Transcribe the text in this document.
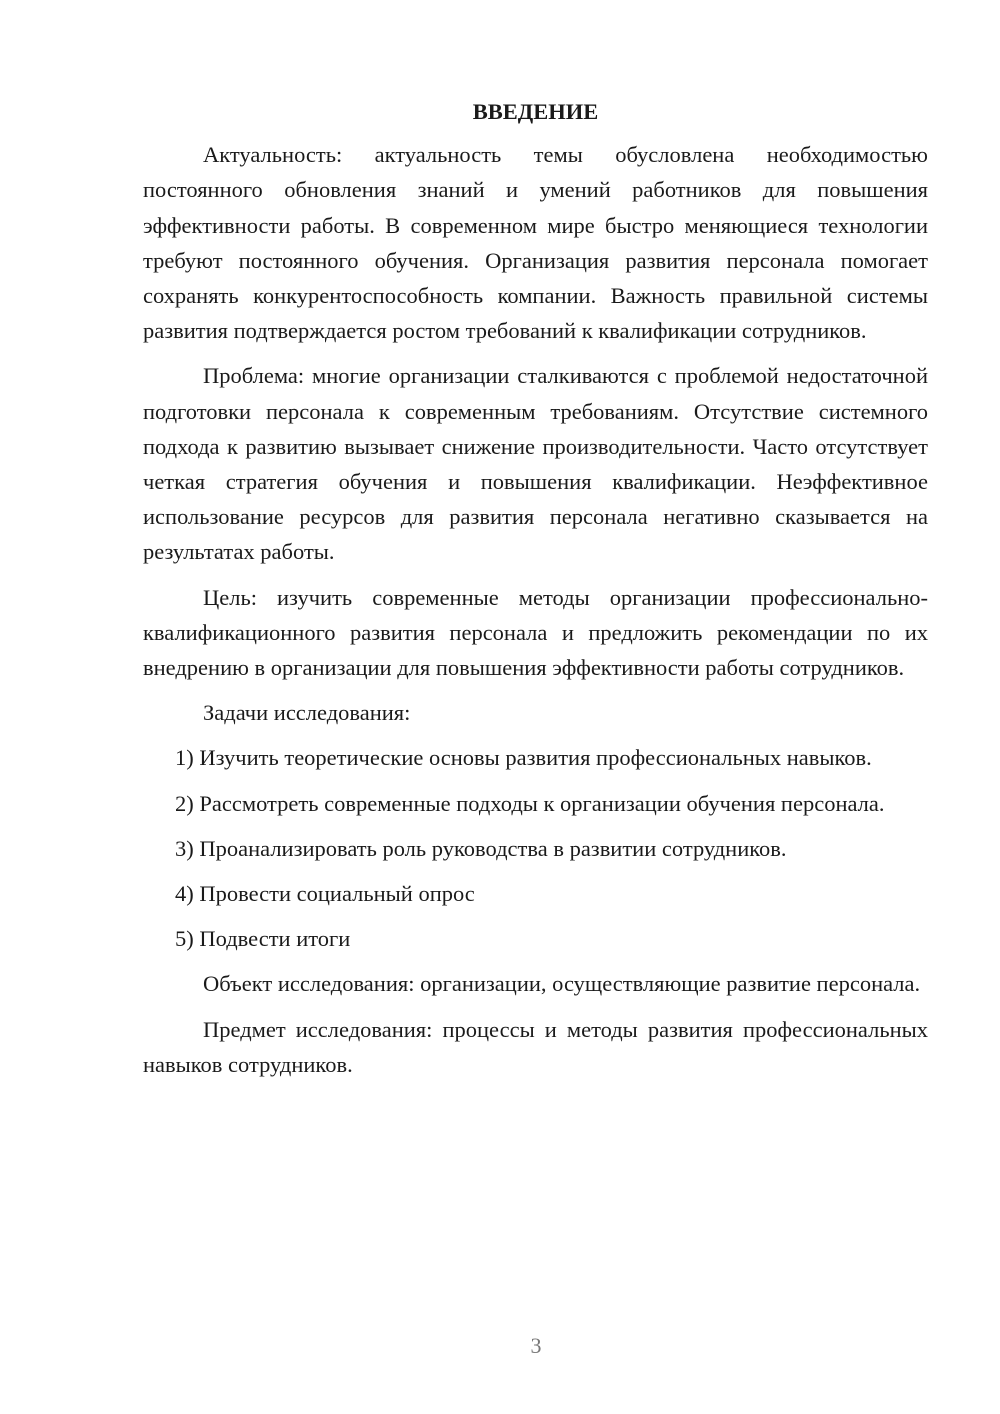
ВВЕДЕНИЕ

Актуальность: актуальность темы обусловлена необходимостью постоянного обновления знаний и умений работников для повышения эффективности работы. В современном мире быстро меняющиеся технологии требуют постоянного обучения. Организация развития персонала помогает сохранять конкурентоспособность компании. Важность правильной системы развития подтверждается ростом требований к квалификации сотрудников.

Проблема: многие организации сталкиваются с проблемой недостаточной подготовки персонала к современным требованиям. Отсутствие системного подхода к развитию вызывает снижение производительности. Часто отсутствует четкая стратегия обучения и повышения квалификации. Неэффективное использование ресурсов для развития персонала негативно сказывается на результатах работы.

Цель: изучить современные методы организации профессионально-квалификационного развития персонала и предложить рекомендации по их внедрению в организации для повышения эффективности работы сотрудников.

Задачи исследования:

1) Изучить теоретические основы развития профессиональных навыков.

2) Рассмотреть современные подходы к организации обучения персонала.

3) Проанализировать роль руководства в развитии сотрудников.

4) Провести социальный опрос

5) Подвести итоги

Объект исследования: организации, осуществляющие развитие персонала.

Предмет исследования: процессы и методы развития профессиональных навыков сотрудников.

3
